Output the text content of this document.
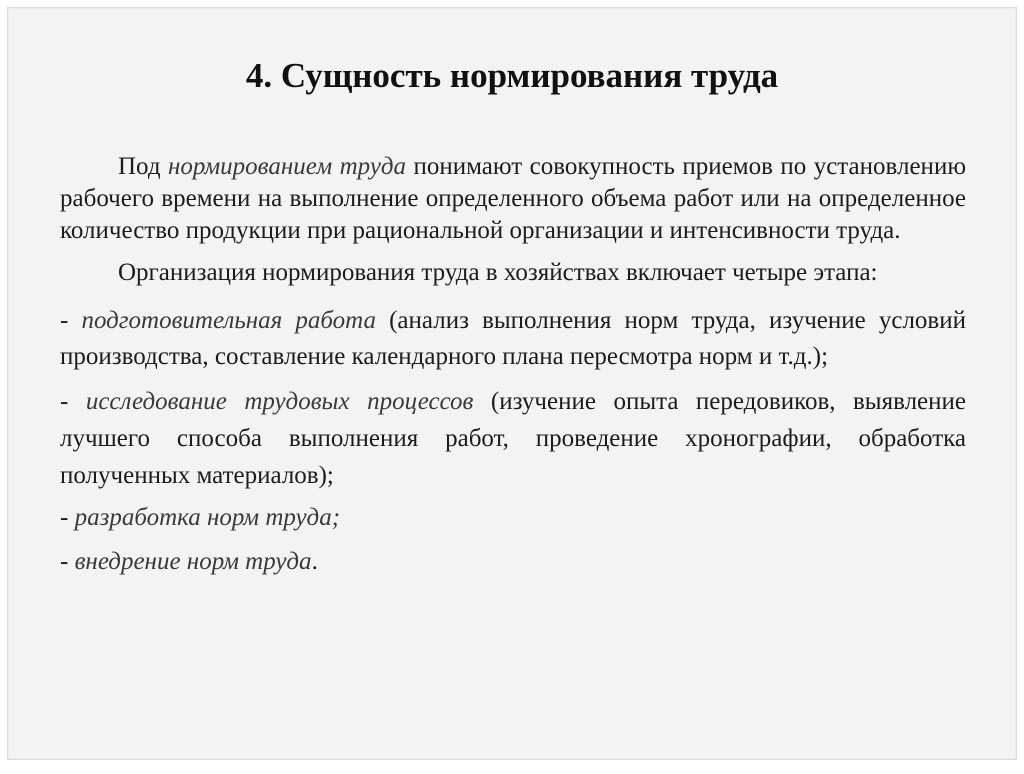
4. Сущность нормирования труда

Под нормированием труда понимают совокупность приемов по установлению рабочего времени на выполнение определенного объема работ или на определенное количество продукции при рациональной организации и интенсивности труда.

Организация нормирования труда в хозяйствах включает четыре этапа:

- подготовительная работа (анализ выполнения норм труда, изучение условий производства, составление календарного плана пересмотра норм и т.д.);

- исследование трудовых процессов (изучение опыта передовиков, выявление лучшего способа выполнения работ, проведение хронографии, обработка полученных материалов);

- разработка норм труда;

- внедрение норм труда.
